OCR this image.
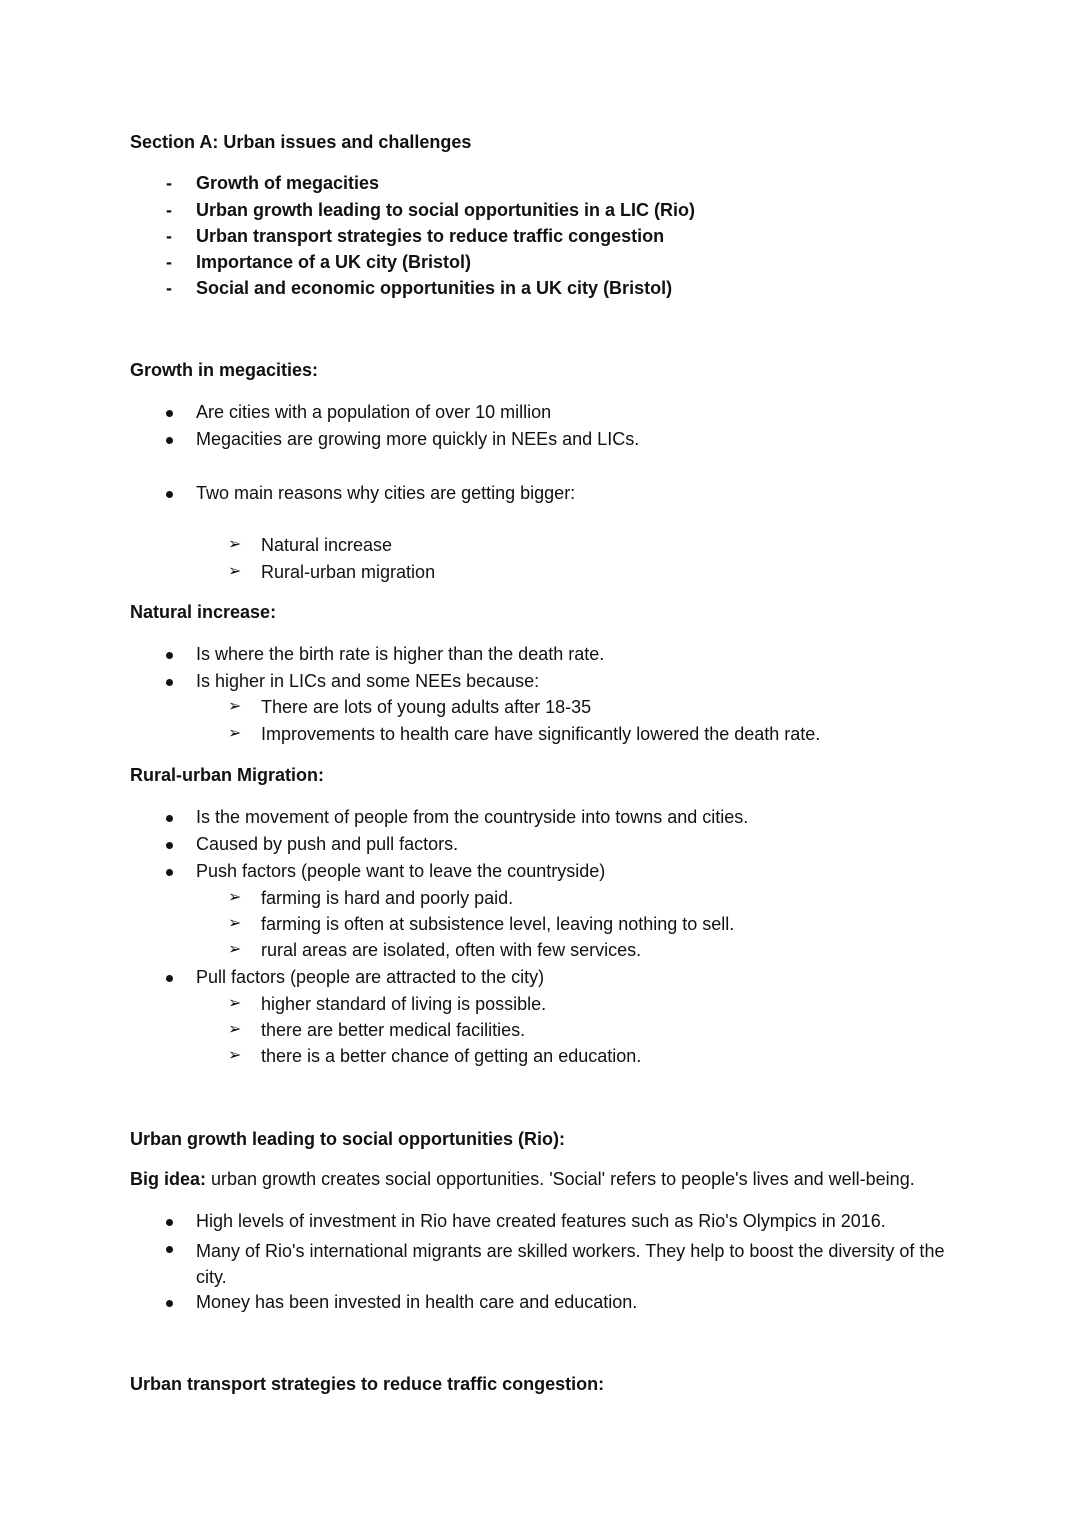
Section A: Urban issues and challenges
- Growth of megacities
- Urban growth leading to social opportunities in a LIC (Rio)
- Urban transport strategies to reduce traffic congestion
- Importance of a UK city (Bristol)
- Social and economic opportunities in a UK city (Bristol)
Growth in megacities:
Are cities with a population of over 10 million
Megacities are growing more quickly in NEEs and LICs.
Two main reasons why cities are getting bigger:
➢ Natural increase
➢ Rural-urban migration
Natural increase:
Is where the birth rate is higher than the death rate.
Is higher in LICs and some NEEs because:
➢ There are lots of young adults after 18-35
➢ Improvements to health care have significantly lowered the death rate.
Rural-urban Migration:
Is the movement of people from the countryside into towns and cities.
Caused by push and pull factors.
Push factors (people want to leave the countryside)
➢ farming is hard and poorly paid.
➢ farming is often at subsistence level, leaving nothing to sell.
➢ rural areas are isolated, often with few services.
Pull factors (people are attracted to the city)
➢ higher standard of living is possible.
➢ there are better medical facilities.
➢ there is a better chance of getting an education.
Urban growth leading to social opportunities (Rio):
Big idea: urban growth creates social opportunities. 'Social' refers to people's lives and well-being.
High levels of investment in Rio have created features such as Rio's Olympics in 2016.
Many of Rio's international migrants are skilled workers. They help to boost the diversity of the city.
Money has been invested in health care and education.
Urban transport strategies to reduce traffic congestion:
